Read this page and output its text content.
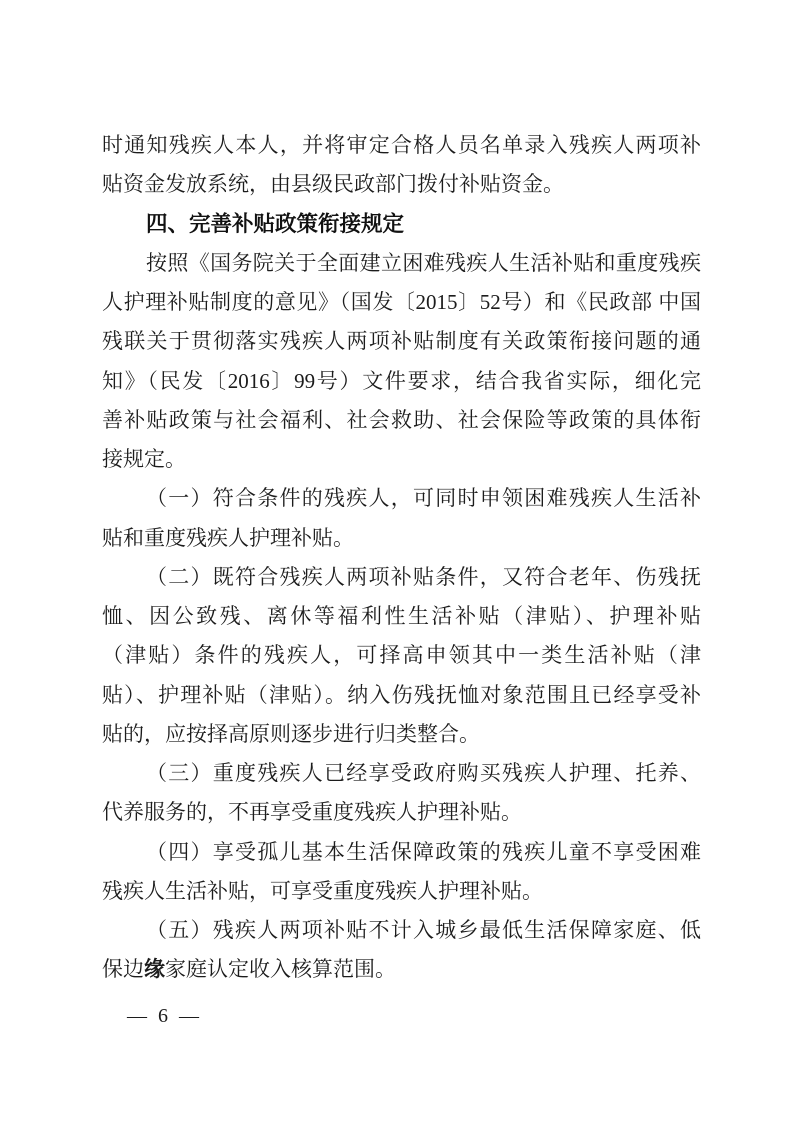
时通知残疾人本人，并将审定合格人员名单录入残疾人两项补
贴资金发放系统，由县级民政部门拨付补贴资金。
四、完善补贴政策衔接规定
按照《国务院关于全面建立困难残疾人生活补贴和重度残疾
人护理补贴制度的意见》（国发〔2015〕52号）和《民政部 中国
残联关于贯彻落实残疾人两项补贴制度有关政策衔接问题的通
知》（民发〔2016〕99号）文件要求，结合我省实际，细化完
善补贴政策与社会福利、社会救助、社会保险等政策的具体衔
接规定。
（一）符合条件的残疾人，可同时申领困难残疾人生活补
贴和重度残疾人护理补贴。
（二）既符合残疾人两项补贴条件，又符合老年、伤残抚
恤、因公致残、离休等福利性生活补贴（津贴）、护理补贴
（津贴）条件的残疾人，可择高申领其中一类生活补贴（津
贴）、护理补贴（津贴）。纳入伤残抚恤对象范围且已经享受补
贴的，应按择高原则逐步进行归类整合。
（三）重度残疾人已经享受政府购买残疾人护理、托养、
代养服务的，不再享受重度残疾人护理补贴。
（四）享受孤儿基本生活保障政策的残疾儿童不享受困难
残疾人生活补贴，可享受重度残疾人护理补贴。
（五）残疾人两项补贴不计入城乡最低生活保障家庭、低
保边缘家庭认定收入核算范围。
— 6 —
